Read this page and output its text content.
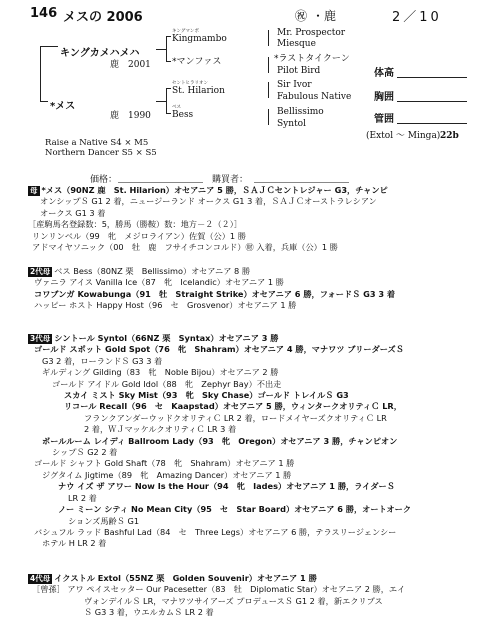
146 メスの 2006	㊗ ・鹿	2／10
キングマンボ
Kingmambo
*マンファス
セントヒラリオン
St. Hilarion
ベス
Bess
キングカメハメハ
鹿 2001
*メス
鹿 1990
Mr. Prospector
Miesque
*ラストタイクーン
Pilot Bird
Sir Ivor
Fabulous Native
Bellissimo
Syntol
体高
胸囲
管囲
(Extol 〜 Minga) 22b
Raise a Native S4 × M5
Northern Dancer S5 × S5
価格：	購買者：
母 *メス（90NZ 鹿　St. Hilarion）オセアニア 5 勝，ＳＡＪＣセントレジャー G3，チャンピ
オンシップＳ G1 2 着，ニュージーランド オークス G1 3 着，ＳＡＪＣオーストラレシアン
オークス G1 3 着
［産駒馬名登録数：5，勝馬（勝鞍）数：地方－２（２）］
リンリンベル（99　牝　メジロライアン）佐賀（公）1 勝
アドマイヤソニック（00　牡　鹿　フサイチコンコルド）㊖ 入着，兵庫（公）1 勝
2代母 ベス Bess（80NZ 栗　Bellissimo）オセアニア 8 勝
ヴァニラ アイス Vanilla Ice（87　牝　Icelandic）オセアニア 1 勝
コワブンガ Kowabunga（91　牡　Straight Strike）オセアニア 6 勝，フォードＳ G3 3 着
ハッピー ホスト Happy Host（96　セ　Grosvenor）オセアニア 1 勝
3代母 シントール Syntol（66NZ 栗　Syntax）オセアニア 3 勝
ゴールド スポット Gold Spot（76　牝　Shahram）オセアニア 4 勝，マナワツ ブリーダーズＳ
G3 2 着，ローランドＳ G3 3 着
ギルディング Gilding（83　牝　Noble Bijou）オセアニア 2 勝
ゴールド アイドル Gold Idol（88　牝　Zephyr Bay）不出走
スカイ ミスト Sky Mist（93　牝　Sky Chase）ゴールド トレイルＳ G3
リコール Recall（96　セ　Kaapstad）オセアニア 5 勝，ウィンタークオリティＣ LR，
フランクアンダーウッドクオリティＣ LR 2 着，ロードメイヤーズクオリティＣ LR
2 着，ＷＪマッケルクオリティＣ LR 3 着
ボールルーム レイディ Ballroom Lady（93　牝　Oregon）オセアニア 3 勝，チャンピオン
シップＳ G2 2 着
ゴールド シャフト Gold Shaft（78　牝　Shahram）オセアニア 1 勝
ジグタイム Jigtime（89　牝　Amazing Dancer）オセアニア 1 勝
ナウ イズ ザ アワー Now Is the Hour（94　牝　Iades）オセアニア 1 勝，ライダーＳ
LR 2 着
ノー ミーン シティ No Mean City（95　セ　Star Board）オセアニア 6 勝，オートオーク
ションズ馬齢Ｓ G1
バシュフル ラッド Bashful Lad（84　セ　Three Legs）オセアニア 6 勝，テラスリージェンシー
ホテル H LR 2 着
4代母 イクストル Extol（55NZ 栗　Golden Souvenir）オセアニア 1 勝
［曾孫］ アワ ペイスセッター Our Pacesetter（83　牡　Diplomatic Star）オセアニア 2 勝，エイ
ヴォンデイルＳ LR，マナワツサイアーズ プロデュースＳ G1 2 着，新エクリプス
Ｓ G3 3 着，ウエルカムＳ LR 2 着
